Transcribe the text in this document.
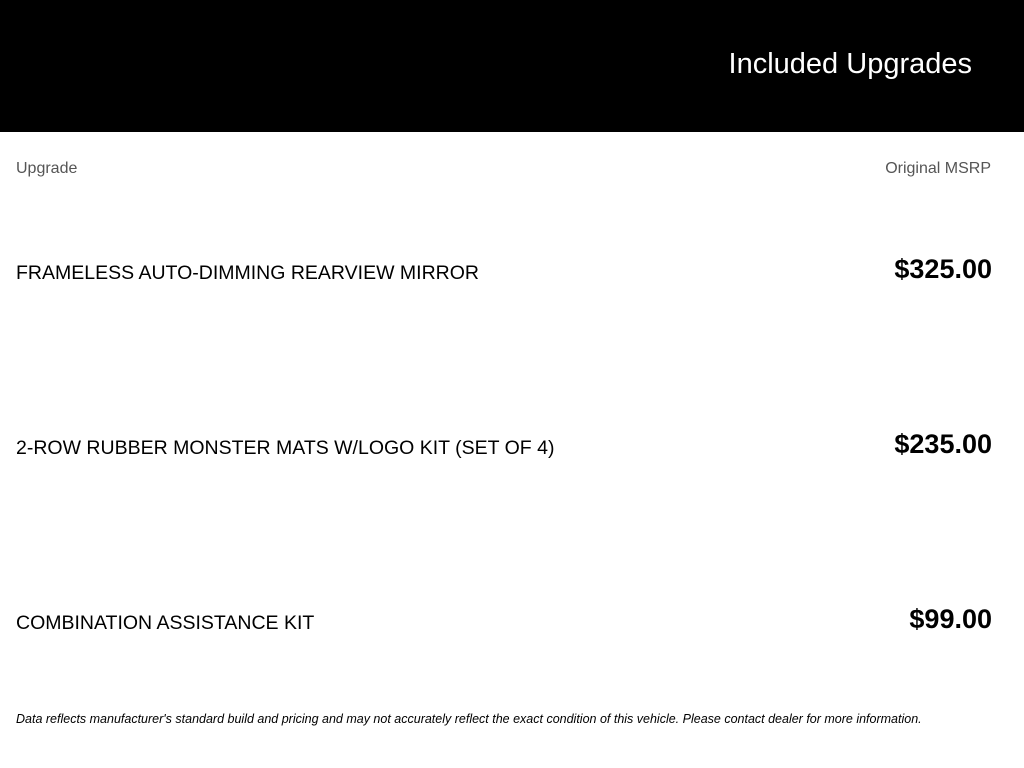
Included Upgrades
Upgrade	Original MSRP
FRAMELESS AUTO-DIMMING REARVIEW MIRROR	$325.00
2-ROW RUBBER MONSTER MATS W/LOGO KIT (SET OF 4)	$235.00
COMBINATION ASSISTANCE KIT	$99.00
Data reflects manufacturer's standard build and pricing and may not accurately reflect the exact condition of this vehicle. Please contact dealer for more information.
